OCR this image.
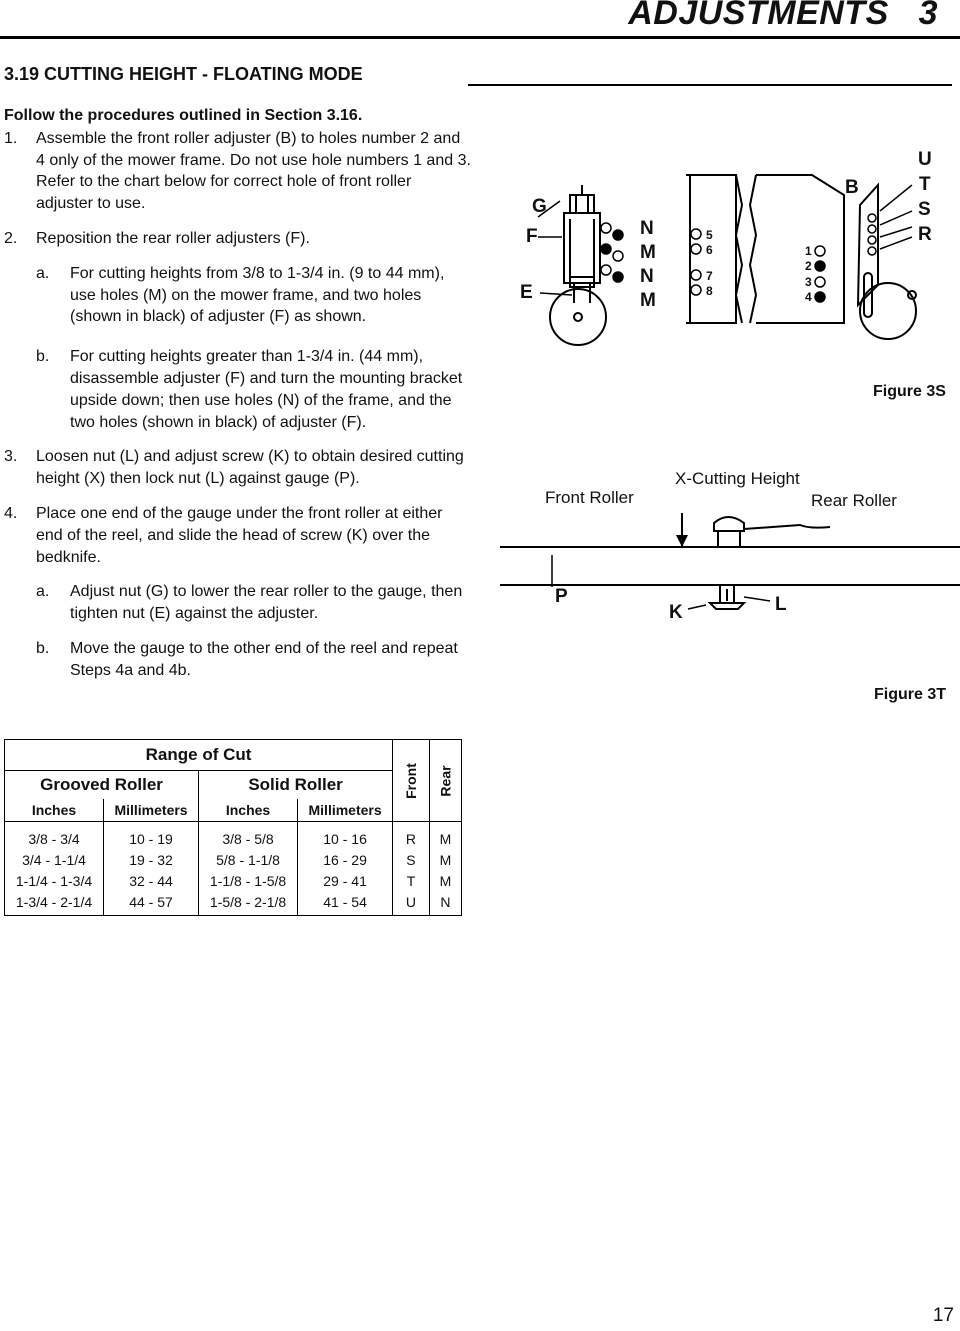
ADJUSTMENTS   3
3.19 CUTTING HEIGHT - FLOATING MODE

Follow the procedures outlined in Section 3.16.

1.	Assemble the front roller adjuster (B) to holes number 2 and 4 only of the mower frame. Do not use hole numbers 1 and 3. Refer to the chart below for correct hole of front roller adjuster to use.

2.	Reposition the rear roller adjusters (F).

a.	For cutting heights from 3/8 to 1-3/4 in. (9 to 44 mm), use holes (M) on the mower frame, and two holes (shown in black) of adjuster (F) as shown.

b.	For cutting heights greater than 1-3/4 in. (44 mm), disassemble adjuster (F) and turn the mounting bracket upside down; then use holes (N) of the frame, and the two holes (shown in black) of adjuster (F).

3.	Loosen nut (L) and adjust screw (K) to obtain desired cutting height (X) then lock nut (L) against gauge (P).

4.	Place one end of the gauge under the front roller at either end of the reel, and slide the head of screw (K) over the bedknife.

a.	Adjust nut (G) to lower the rear roller to the gauge, then tighten nut (E) against the adjuster.

b.	Move the gauge to the other end of the reel and repeat Steps 4a and 4b.

G
F
E
N
M
N
M
5
6
7
8
1
2
3
4
B
U
T
S
R
Figure 3S
Front Roller
X-Cutting Height
Rear Roller
P
K	L
Figure 3T
Range of Cut				Front	Rear
Grooved Roller		Solid Roller			
Inches	Millimeters	Inches	Millimeters		
3/8 - 3/4	10 - 19	3/8 - 5/8	10 - 16	R	M
3/4 - 1-1/4	19 - 32	5/8 - 1-1/8	16 - 29	S	M
1-1/4 - 1-3/4	32 - 44	1-1/8 - 1-5/8	29 - 41	T	M
1-3/4 - 2-1/4	44 - 57	1-5/8 - 2-1/8	41 - 54	U	N
17
